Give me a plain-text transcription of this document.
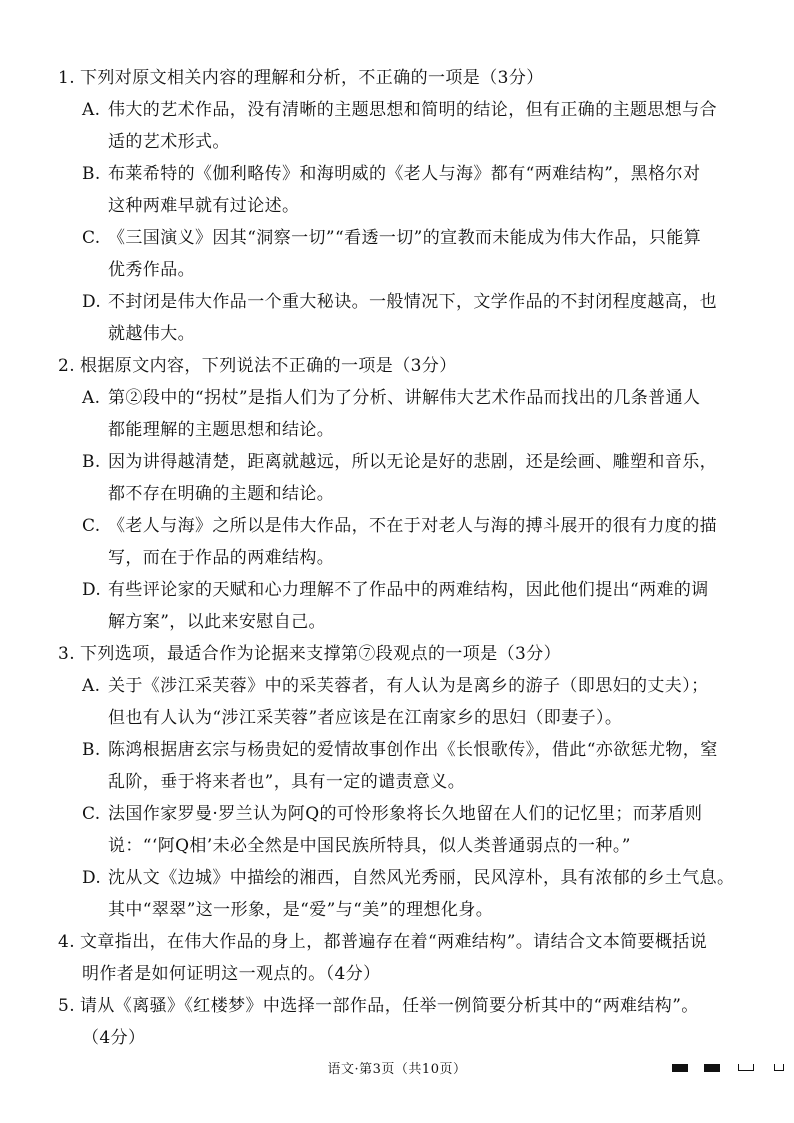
1. 下列对原文相关内容的理解和分析，不正确的一项是（3分）
A. 伟大的艺术作品，没有清晰的主题思想和简明的结论，但有正确的主题思想与合
适的艺术形式。
B. 布莱希特的《伽利略传》和海明威的《老人与海》都有“两难结构”，黑格尔对
这种两难早就有过论述。
C. 《三国演义》因其“洞察一切”“看透一切”的宣教而未能成为伟大作品，只能算
优秀作品。
D. 不封闭是伟大作品一个重大秘诀。一般情况下，文学作品的不封闭程度越高，也
就越伟大。
2. 根据原文内容，下列说法不正确的一项是（3分）
A. 第②段中的“拐杖”是指人们为了分析、讲解伟大艺术作品而找出的几条普通人
都能理解的主题思想和结论。
B. 因为讲得越清楚，距离就越远，所以无论是好的悲剧，还是绘画、雕塑和音乐，
都不存在明确的主题和结论。
C. 《老人与海》之所以是伟大作品，不在于对老人与海的搏斗展开的很有力度的描
写，而在于作品的两难结构。
D. 有些评论家的天赋和心力理解不了作品中的两难结构，因此他们提出“两难的调
解方案”，以此来安慰自己。
3. 下列选项，最适合作为论据来支撑第⑦段观点的一项是（3分）
A. 关于《涉江采芙蓉》中的采芙蓉者，有人认为是离乡的游子（即思妇的丈夫）；
但也有人认为“涉江采芙蓉”者应该是在江南家乡的思妇（即妻子）。
B. 陈鸿根据唐玄宗与杨贵妃的爱情故事创作出《长恨歌传》，借此“亦欲惩尤物，窒
乱阶，垂于将来者也”，具有一定的谴责意义。
C. 法国作家罗曼·罗兰认为阿Q的可怜形象将长久地留在人们的记忆里；而茅盾则
说：“‘阿Q相’未必全然是中国民族所特具，似人类普通弱点的一种。”
D. 沈从文《边城》中描绘的湘西，自然风光秀丽，民风淳朴，具有浓郁的乡土气息。
其中“翠翠”这一形象，是“爱”与“美”的理想化身。
4. 文章指出，在伟大作品的身上，都普遍存在着“两难结构”。请结合文本简要概括说
明作者是如何证明这一观点的。（4分）
5. 请从《离骚》《红楼梦》中选择一部作品，任举一例简要分析其中的“两难结构”。
（4分）
语文·第3页（共10页）
